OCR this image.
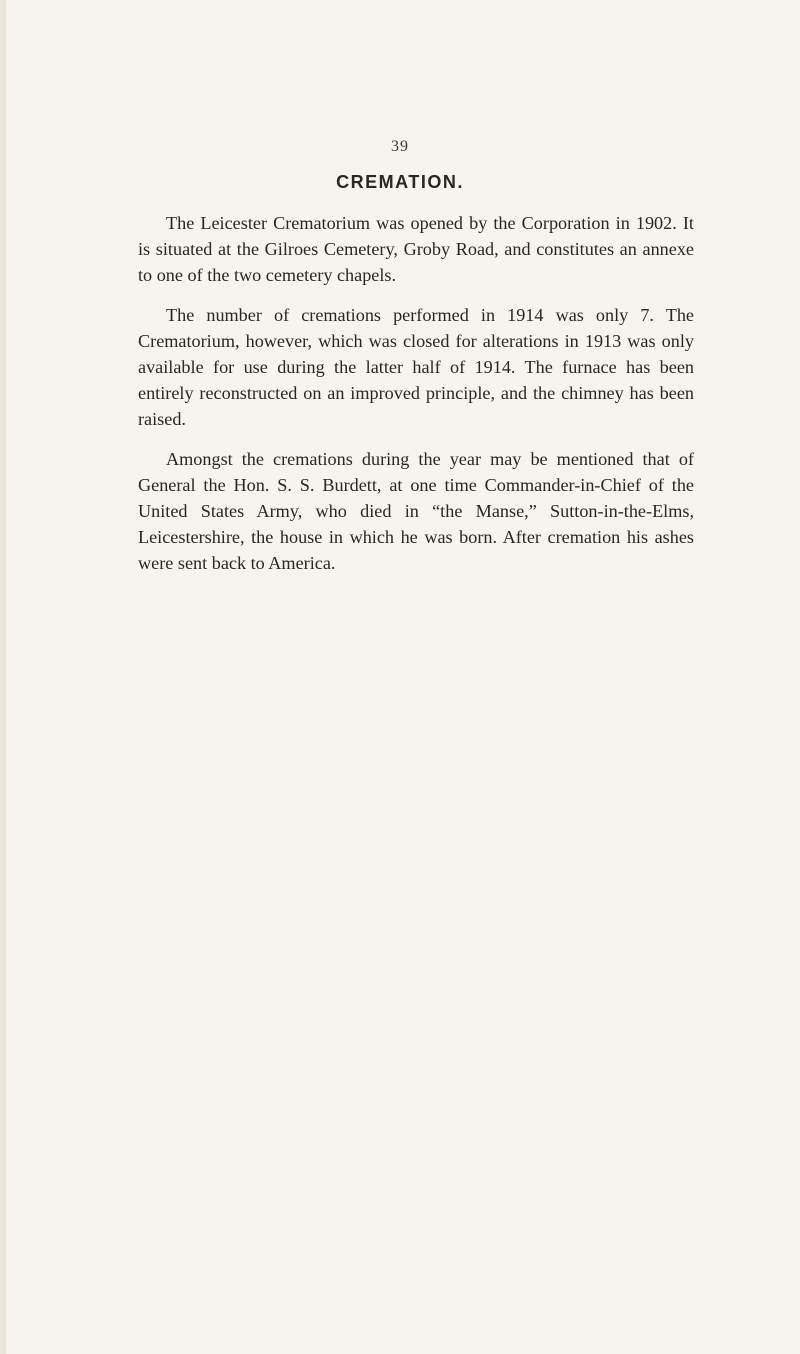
39
CREMATION.

The Leicester Crematorium was opened by the Corporation in 1902. It is situated at the Gilroes Cemetery, Groby Road, and constitutes an annexe to one of the two cemetery chapels.

The number of cremations performed in 1914 was only 7. The Crematorium, however, which was closed for alterations in 1913 was only available for use during the latter half of 1914. The furnace has been entirely reconstructed on an improved principle, and the chimney has been raised.

Amongst the cremations during the year may be mentioned that of General the Hon. S. S. Burdett, at one time Commander-in-Chief of the United States Army, who died in “the Manse,” Sutton-in-the-Elms, Leicestershire, the house in which he was born. After cremation his ashes were sent back to America.
